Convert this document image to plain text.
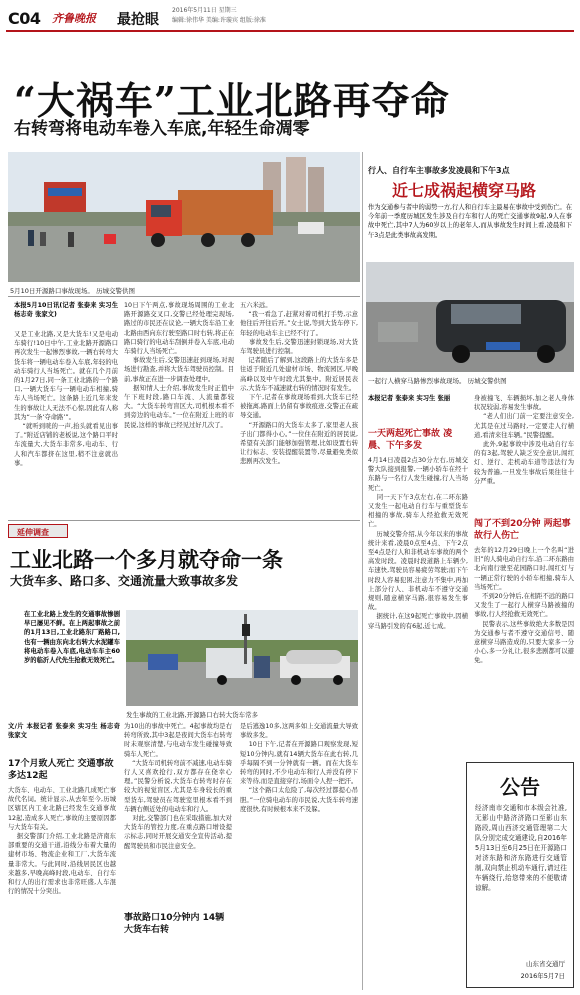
C04 齐鲁晚报 最抢眼
2016年5月11日 星期三
编辑:徐伟华 美编:许璇宾 组版:徐准
“大祸车”工业北路再夺命
右转弯将电动车卷入车底,年轻生命凋零
5月10日开源路口事故现场。 历城交警供图
本报5月10日讯(记者 张泰来 实习生 杨志奇 张家文)
又是工业北路,又是大货车!又是电动车骑行!10日中午,工业北路开源路口再次发生一起惨烈事故,一辆右转弯大货车将一辆电动车卷入车底,年轻的电动车骑行人当场死亡。就在几个月前的1月27日,同一条工业北路的一个路口,一辆大货车与一辆电动车相撞,骑车人当场死亡。这条路上近几年来发生的事故让人无法不心惊,因此有人称其为“一条‘夺命路’”。
“就听到咣的一声,抬头就看见出事了。”附近店铺的老板说,这个路口平时车流量大,大货车非常多,电动车、行人和汽车都挤在这里,稍不注意就出事。
10日下午两点,事故现场周围的工业北路开源路交叉口,交警已经处理完现场,路过的市民还在议论,一辆大货车沿工业北路由西向东行驶至路口时右转,将正在路口骑行的电动车刮倒并卷入车底,电动车骑行人当场死亡。
事故发生后,交警迅速赶到现场,对现场进行勘查,并将大货车驾驶员控制。目前,事故正在进一步调查处理中。
据知情人士介绍,事故发生时正值中午下班时段,路口车流、人流量都较大。“大货车转弯盲区大,司机根本看不到旁边的电动车。”一位在附近上班的市民说,这样的事故已经见过好几次了。
五六米远。
“我一看急了,赶紧对着司机打手势,示意他往后开往后开。”女士说,等到大货车停下,年轻的电动车主已经不行了。
事故发生后,交警迅速封锁现场,对大货车驾驶员进行控制。
记者随后了解到,这段路上的大货车多是往返于附近几处建材市场、物流园区,早晚高峰以及中午时段尤其集中。附近居民表示,大货车不减速就右转的情况时有发生。
下午,记者在事故现场看到,大货车已经被拖离,路面上仍留有事故痕迹,交警正在疏导交通。
“开源路口的大货车太多了,家里老人孩子出门都得小心。”一位住在附近的居民说,希望有关部门能够加强管理,比如设置右转让行标志、安装提醒装置等,尽量避免类似悲剧再次发生。
行人、自行车主事故多发凌晨和下午3点
近七成祸起横穿马路
作为交通参与者中的弱势一方,行人和自行车主最易在事故中受到伤亡。在今年前一季度历城区发生涉及自行车和行人的死亡交通事故9起,9人在事故中死亡,其中7人为60岁以上的老年人,而从事故发生时间上看,凌晨和下午3点是此类事故高发期。
一起行人横穿马路惨烈事故现场。 历城交警供图
本报记者 张泰来 实习生 张丽
一天两起死亡事故 凌晨、下午多发
4月14日凌晨2点30分左右,历城交警大队接到报警,一辆小轿车在经十东路与一名行人发生碰撞,行人当场死亡。
同一天下午3点左右,在二环东路又发生一起电动自行车与重型货车相撞的事故,骑车人经抢救无效死亡。
历城交警介绍,从今年以来的事故统计来看,凌晨0点至4点、下午2点至4点是行人和非机动车事故的两个高发时段。凌晨时段道路上车辆少,车速快,驾驶员容易疲劳驾驶;而下午时段人容易犯困,注意力不集中,再加上部分行人、非机动车不遵守交通规则,随意横穿马路,很容易发生事故。
据统计,在这9起死亡事故中,因横穿马路引发的有6起,近七成。
身被撞飞、车辆损坏,加之老人身体状况较弱,容易发生事故。
“老人们出门前一定要注意安全,尤其是在过马路时,一定要走人行横道,看清来往车辆。”民警提醒。
此外,9起事故中涉及电动自行车的有3起,驾驶人缺乏安全意识,闯红灯、逆行、走机动车道等违法行为较为普遍,一旦发生事故后果往往十分严重。
闯了不到20分钟 两起事故行人伤亡
去年的12月29日晚上一个名叫“进旧”的人骑电动自行车,沿二环东路由北向南行驶至花园路口时,闯红灯与一辆正常行驶的小轿车相撞,骑车人当场死亡。
不到20分钟后,在相距不远的路口又发生了一起行人横穿马路被撞的事故,行人经抢救无效死亡。
民警表示,这些事故绝大多数是因为交通参与者不遵守交通信号、随意横穿马路造成的,只要大家多一分小心,多一分礼让,很多悲剧都可以避免。
延伸调查
工业北路一个多月就夺命一条
大货车多、路口多、交通流量大致事故多发
在工业北路上发生的交通事故惨剧早已屡见不鲜。在上两起事故之前的1月13日,工业北路东厂路路口,也有一辆由东向北右转大水泥罐车将电动车卷入车底,电动车车主60岁的临沂人代先生抢救无效死亡。
发生事故的工业北路,开源路口右转大货车常多
文/片 本报记者 张泰来 实习生 杨志奇 张家文
17个月致人死亡 交通事故多达12起
大货车、电动车、工业北路几成死亡事故代名词。统计显示,从去年至今,历城区辖区内工业北路已经发生交通事故12起,造成多人死亡,事故的主要原因都与大货车有关。
据交警部门介绍,工业北路是济南东部重要的交通干道,沿线分布着大量的建材市场、物流企业和工厂,大货车流量非常大。与此同时,沿线居民区也越来越多,早晚高峰时段,电动车、自行车和行人的出行需求也非常旺盛,人车混行的情况十分突出。
为10出的事故中死亡。4起事故均是右转弯所致,其中3起是夜间大货车右转弯时未观察清楚,与电动车发生碰撞导致骑车人死亡。
“大货车司机转弯前不减速,电动车骑行人又喜欢抢行,双方都存在侥幸心理。”民警分析说,大货车右转弯时存在较大的视觉盲区,尤其是车身较长的重型货车,驾驶员在驾驶室里根本看不到车辆右侧近处的电动车和行人。
对此,交警部门也在采取措施,加大对大货车的管控力度,在重点路口增设提示标志,同时开展交通安全宣传活动,提醒驾驶员和市民注意安全。
事故路口10分钟内 14辆大货车右转
是后逃逸10多,这两多如上交通流量大导致事故多发。
10日下午,记者在开源路口观察发现,短短10分钟内,就有14辆大货车在此右转,几乎每隔不到一分钟就有一辆。而在大货车转弯的同时,不少电动车和行人并没有停下来等待,而是直接穿行,场面令人捏一把汗。
“这个路口太危险了,每次经过都提心吊胆。”一位骑电动车的市民说,大货车转弯速度很快,有时候根本来不及躲。
公告
经济南市交通和市本级会社准,无影山中路济济路口至影山东路段,周山西济交通管理第二大队分别完成交通建设,自2016年5月13日至6月25日在开源路口对济东路和济东路进行交通管制,双向禁止机动车通行,请过往车辆绕行,给您带来的不便敬请谅解。
山东省交通厅
2016年5月7日
